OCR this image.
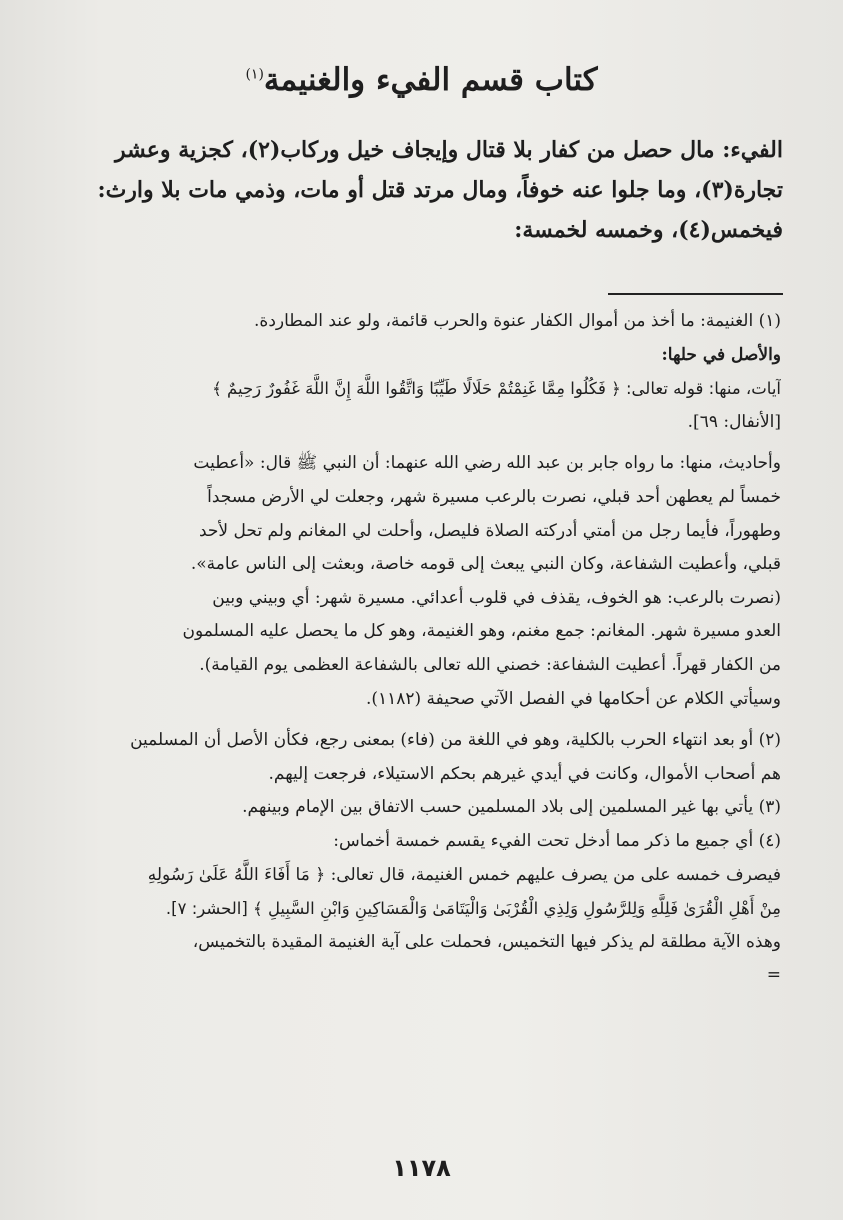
كتاب قسم الفيء والغنيمة$^{(١)}$
الفيء: مال حصل من كفار بلا قتال وإيجاف خيل وركاب(٢)، كجزية وعشر
تجارة(٣)، وما جلوا عنه خوفاً، ومال مرتد قتل أو مات، وذمي مات بلا وارث:
فيخمس(٤)، وخمسه لخمسة:
(١) الغنيمة: ما أخذ من أموال الكفار عنوة والحرب قائمة، ولو عند المطاردة.
والأصل في حلها:
آيات، منها: قوله تعالى: ﴿ فَكُلُوا مِمَّا غَنِمْتُمْ حَلَالًا طَيِّبًا وَاتَّقُوا اللَّهَ إِنَّ اللَّهَ غَفُورٌ رَحِيمٌ ﴾
[الأنفال: ٦٩].
وأحاديث، منها: ما رواه جابر بن عبد الله رضي الله عنهما: أن النبي ﷺ قال: «أعطيت
خمساً لم يعطهن أحد قبلي، نصرت بالرعب مسيرة شهر، وجعلت لي الأرض مسجداً
وطهوراً، فأيما رجل من أمتي أدركته الصلاة فليصل، وأحلت لي المغانم ولم تحل لأحد
قبلي، وأعطيت الشفاعة، وكان النبي يبعث إلى قومه خاصة، وبعثت إلى الناس عامة».
(نصرت بالرعب: هو الخوف، يقذف في قلوب أعدائي. مسيرة شهر: أي وبيني وبين
العدو مسيرة شهر. المغانم: جمع مغنم، وهو الغنيمة، وهو كل ما يحصل عليه المسلمون
من الكفار قهراً. أعطيت الشفاعة: خصني الله تعالى بالشفاعة العظمى يوم القيامة).
وسيأتي الكلام عن أحكامها في الفصل الآتي صحيفة (١١٨٢).
(٢) أو بعد انتهاء الحرب بالكلية، وهو في اللغة من (فاء) بمعنى رجع، فكأن الأصل أن المسلمين
هم أصحاب الأموال، وكانت في أيدي غيرهم بحكم الاستيلاء، فرجعت إليهم.
(٣) يأتي بها غير المسلمين إلى بلاد المسلمين حسب الاتفاق بين الإمام وبينهم.
(٤) أي جميع ما ذكر مما أدخل تحت الفيء يقسم خمسة أخماس:
فيصرف خمسه على من يصرف عليهم خمس الغنيمة، قال تعالى: ﴿ مَا أَفَاءَ اللَّهُ عَلَىٰ رَسُولِهِ
مِنْ أَهْلِ الْقُرَىٰ فَلِلَّهِ وَلِلرَّسُولِ وَلِذِي الْقُرْبَىٰ وَالْيَتَامَىٰ وَالْمَسَاكِينِ وَابْنِ السَّبِيلِ ﴾ [الحشر: ٧].
وهذه الآية مطلقة لم يذكر فيها التخميس، فحملت على آية الغنيمة المقيدة بالتخميس،
=
١١٧٨
